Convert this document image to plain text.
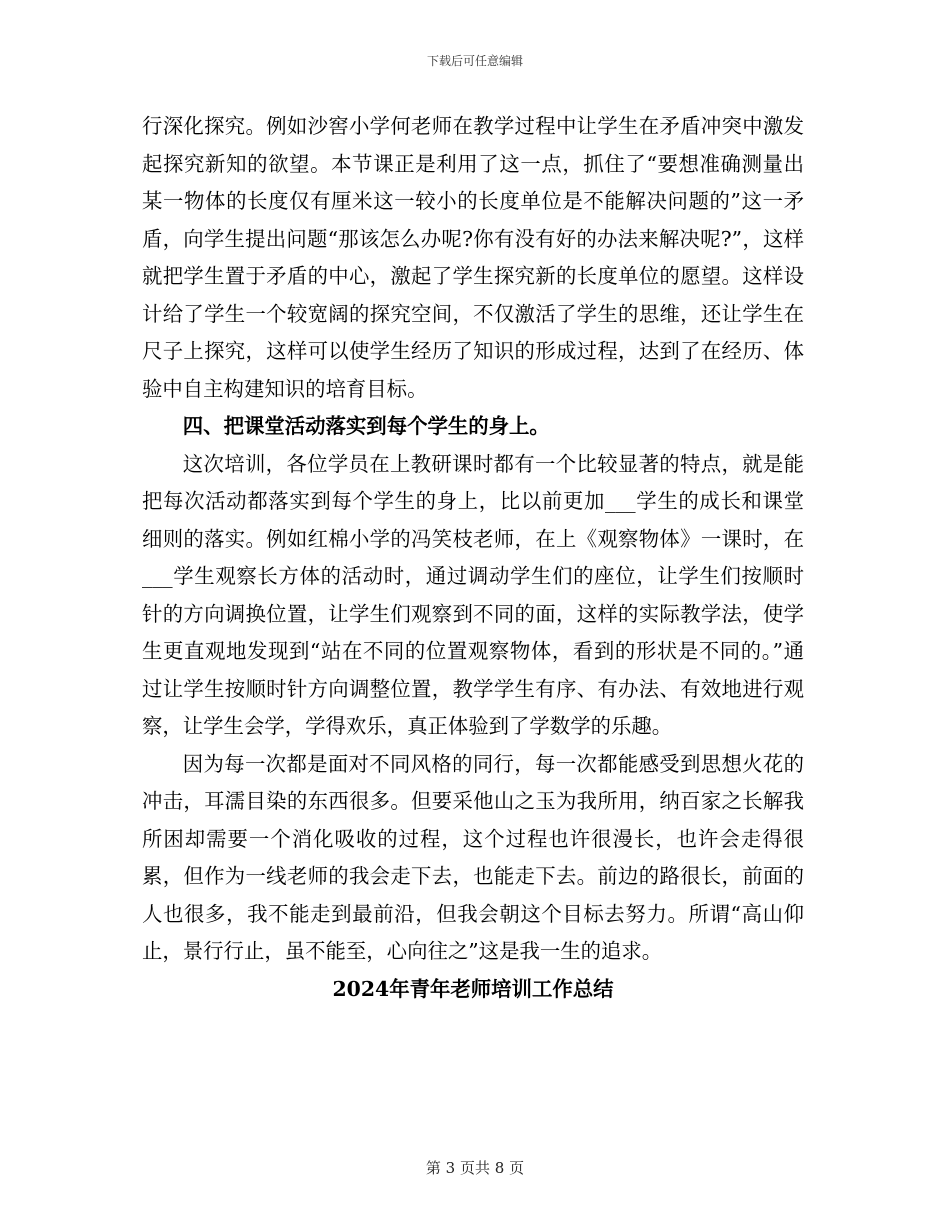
下载后可任意编辑

行深化探究。例如沙窖小学何老师在教学过程中让学生在矛盾冲突中激发起探究新知的欲望。本节课正是利用了这一点，抓住了“要想准确测量出某一物体的长度仅有厘米这一较小的长度单位是不能解决问题的”这一矛盾，向学生提出问题“那该怎么办呢?你有没有好的办法来解决呢?”，这样就把学生置于矛盾的中心，激起了学生探究新的长度单位的愿望。这样设计给了学生一个较宽阔的探究空间，不仅激活了学生的思维，还让学生在尺子上探究，这样可以使学生经历了知识的形成过程，达到了在经历、体验中自主构建知识的培育目标。

四、把课堂活动落实到每个学生的身上。

这次培训，各位学员在上教研课时都有一个比较显著的特点，就是能把每次活动都落实到每个学生的身上，比以前更加___学生的成长和课堂细则的落实。例如红棉小学的冯笑枝老师，在上《观察物体》一课时，在___学生观察长方体的活动时，通过调动学生们的座位，让学生们按顺时针的方向调换位置，让学生们观察到不同的面，这样的实际教学法，使学生更直观地发现到“站在不同的位置观察物体，看到的形状是不同的。”通过让学生按顺时针方向调整位置，教学学生有序、有办法、有效地进行观察，让学生会学，学得欢乐，真正体验到了学数学的乐趣。

因为每一次都是面对不同风格的同行，每一次都能感受到思想火花的冲击，耳濡目染的东西很多。但要采他山之玉为我所用，纳百家之长解我所困却需要一个消化吸收的过程，这个过程也许很漫长，也许会走得很累，但作为一线老师的我会走下去，也能走下去。前边的路很长，前面的人也很多，我不能走到最前沿，但我会朝这个目标去努力。所谓“高山仰止，景行行止，虽不能至，心向往之”这是我一生的追求。

2024年青年老师培训工作总结

第 3 页共 8 页
